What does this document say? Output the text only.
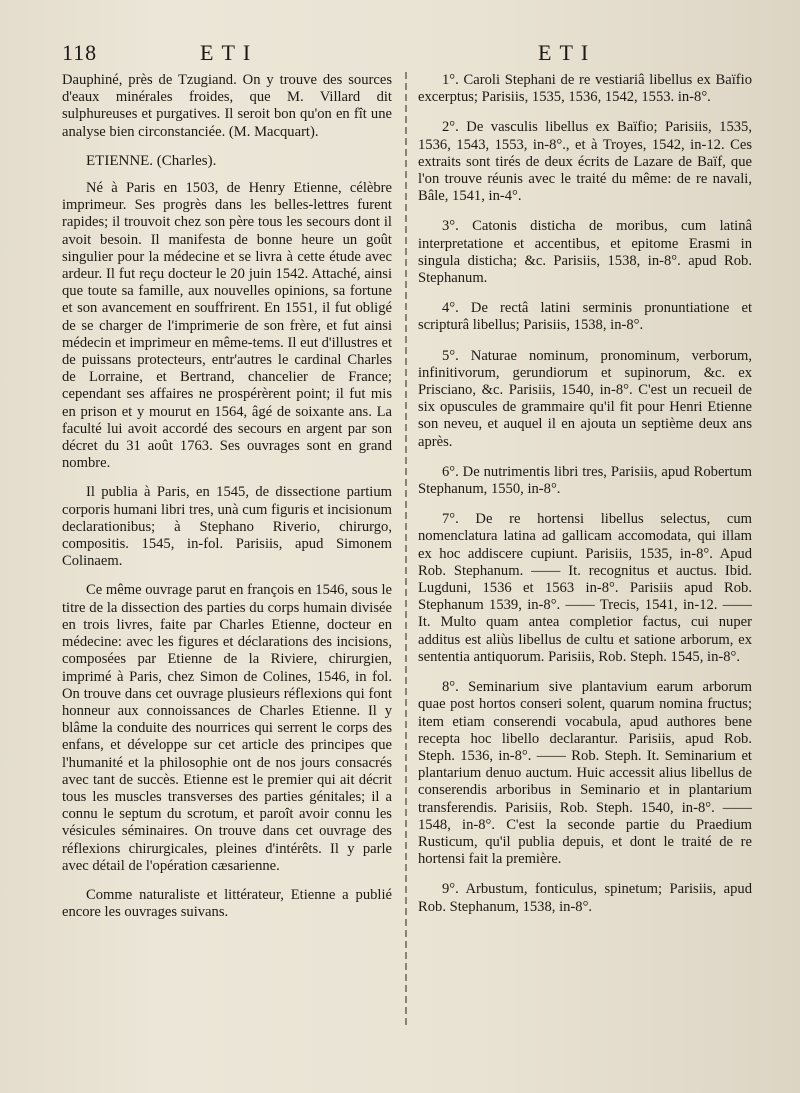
118	ETI	ETI

Dauphiné, près de Tzugiand. On y trouve des sources d'eaux minérales froides, que M. Villard dit sulphureuses et purgatives. Il seroit bon qu'on en fît une analyse bien circonstanciée. (M. Macquart).

ETIENNE. (Charles).

Né à Paris en 1503, de Henry Etienne, célèbre imprimeur. Ses progrès dans les belles-lettres furent rapides; il trouvoit chez son père tous les secours dont il avoit besoin. Il manifesta de bonne heure un goût singulier pour la médecine et se livra à cette étude avec ardeur. Il fut reçu docteur le 20 juin 1542. Attaché, ainsi que toute sa famille, aux nouvelles opinions, sa fortune et son avancement en souffrirent. En 1551, il fut obligé de se charger de l'imprimerie de son frère, et fut ainsi médecin et imprimeur en même-tems. Il eut d'illustres et de puissans protecteurs, entr'autres le cardinal Charles de Lorraine, et Bertrand, chancelier de France; cependant ses affaires ne prospérèrent point; il fut mis en prison et y mourut en 1564, âgé de soixante ans. La faculté lui avoit accordé des secours en argent par son décret du 31 août 1763. Ses ouvrages sont en grand nombre.

Il publia à Paris, en 1545, de dissectione partium corporis humani libri tres, unà cum figuris et incisionum declarationibus; à Stephano Riverio, chirurgo, compositis. 1545, in-fol. Parisiis, apud Simonem Colinaem.

Ce même ouvrage parut en françois en 1546, sous le titre de la dissection des parties du corps humain divisée en trois livres, faite par Charles Etienne, docteur en médecine: avec les figures et déclarations des incisions, composées par Etienne de la Riviere, chirurgien, imprimé à Paris, chez Simon de Colines, 1546, in fol. On trouve dans cet ouvrage plusieurs réflexions qui font honneur aux connoissances de Charles Etienne. Il y blâme la conduite des nourrices qui serrent le corps des enfans, et développe sur cet article des principes que l'humanité et la philosophie ont de nos jours consacrés avec tant de succès. Etienne est le premier qui ait décrit tous les muscles transverses des parties génitales; il a connu le septum du scrotum, et paroît avoir connu les vésicules séminaires. On trouve dans cet ouvrage des réflexions chirurgicales, pleines d'intérêts. Il y parle avec détail de l'opération cæsarienne.

Comme naturaliste et littérateur, Etienne a publié encore les ouvrages suivans.

1°. Caroli Stephani de re vestiariâ libellus ex Baïfio excerptus; Parisiis, 1535, 1536, 1542, 1553. in-8°.

2°. De vasculis libellus ex Baïfio; Parisiis, 1535, 1536, 1543, 1553, in-8°., et à Troyes, 1542, in-12. Ces extraits sont tirés de deux écrits de Lazare de Baïf, que l'on trouve réunis avec le traité du même: de re navali, Bâle, 1541, in-4°.

3°. Catonis disticha de moribus, cum latinâ interpretatione et accentibus, et epitome Erasmi in singula disticha; &c. Parisiis, 1538, in-8°. apud Rob. Stephanum.

4°. De rectâ latini serminis pronuntiatione et scripturâ libellus; Parisiis, 1538, in-8°.

5°. Naturae nominum, pronominum, verborum, infinitivorum, gerundiorum et supinorum, &c. ex Prisciano, &c. Parisiis, 1540, in-8°. C'est un recueil de six opuscules de grammaire qu'il fit pour Henri Etienne son neveu, et auquel il en ajouta un septième deux ans après.

6°. De nutrimentis libri tres, Parisiis, apud Robertum Stephanum, 1550, in-8°.

7°. De re hortensi libellus selectus, cum nomenclatura latina ad gallicam accomodata, qui illam ex hoc addiscere cupiunt. Parisiis, 1535, in-8°. Apud Rob. Stephanum. —— It. recognitus et auctus. Ibid. Lugduni, 1536 et 1563 in-8°. Parisiis apud Rob. Stephanum 1539, in-8°. —— Trecis, 1541, in-12. —— It. Multo quam antea completior factus, cui nuper additus est aliùs libellus de cultu et satione arborum, ex sententia antiquorum. Parisiis, Rob. Steph. 1545, in-8°.

8°. Seminarium sive plantavium earum arborum quae post hortos conseri solent, quarum nomina fructus; item etiam conserendi vocabula, apud authores bene recepta hoc libello declarantur. Parisiis, apud Rob. Steph. 1536, in-8°. —— Rob. Steph. It. Seminarium et plantarium denuo auctum. Huic accessit alius libellus de conserendis arboribus in Seminario et in plantarium transferendis. Parisiis, Rob. Steph. 1540, in-8°. —— 1548, in-8°. C'est la seconde partie du Praedium Rusticum, qu'il publia depuis, et dont le traité de re hortensi fait la première.

9°. Arbustum, fonticulus, spinetum; Parisiis, apud Rob. Stephanum, 1538, in-8°.
